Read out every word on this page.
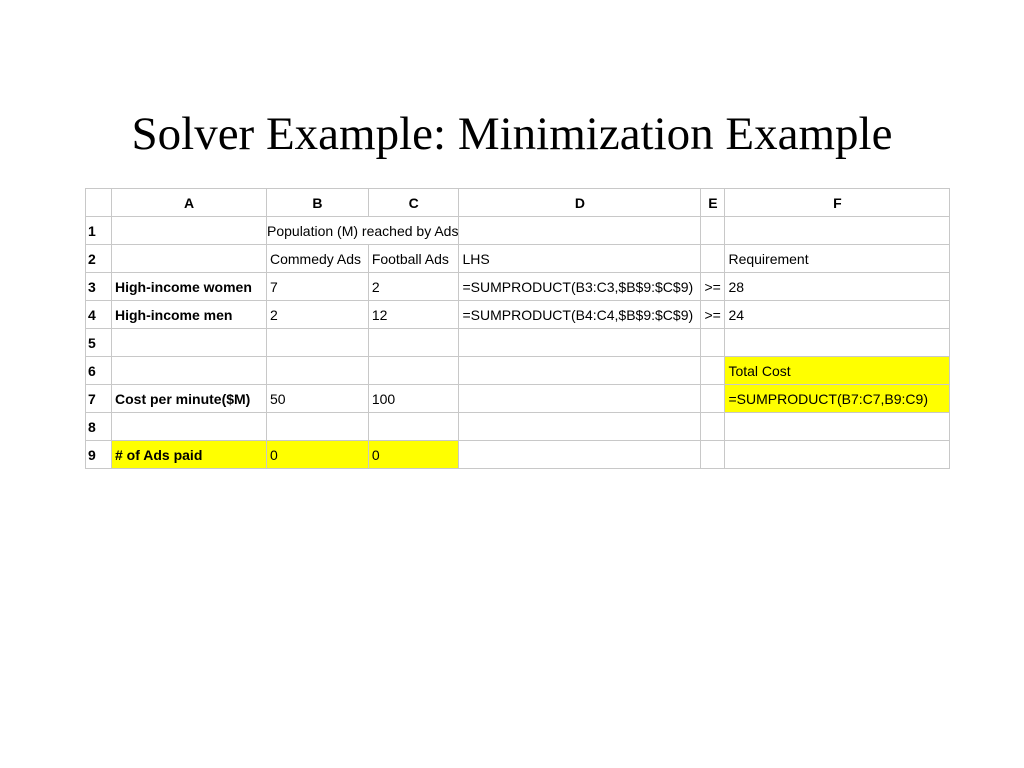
Solver Example: Minimization Example
	A	B	C	D	E	F
1		Population (M) reached by Ads				
2		Commedy Ads	Football Ads	LHS		Requirement
3	High-income women	7	2	=SUMPRODUCT(B3:C3,$B$9:$C$9)	>=	28
4	High-income men	2	12	=SUMPRODUCT(B4:C4,$B$9:$C$9)	>=	24
5						
6						Total Cost
7	Cost per minute($M)	50	100			=SUMPRODUCT(B7:C7,B9:C9)
8						
9	# of Ads paid	0	0			
